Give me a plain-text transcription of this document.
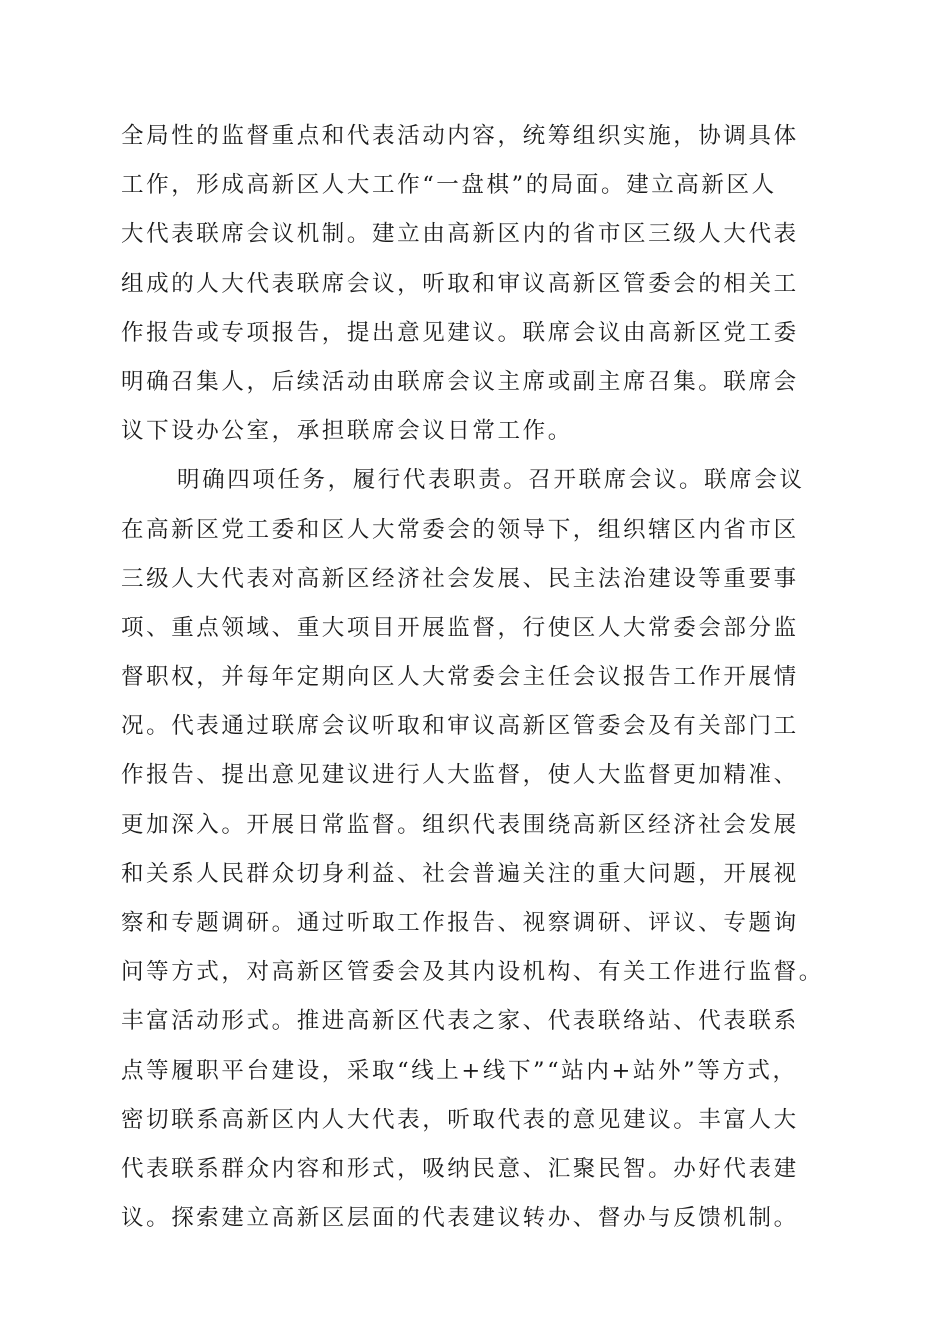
全局性的监督重点和代表活动内容，统筹组织实施，协调具体
工作，形成高新区人大工作“一盘棋”的局面。建立高新区人
大代表联席会议机制。建立由高新区内的省市区三级人大代表
组成的人大代表联席会议，听取和审议高新区管委会的相关工
作报告或专项报告，提出意见建议。联席会议由高新区党工委
明确召集人，后续活动由联席会议主席或副主席召集。联席会
议下设办公室，承担联席会议日常工作。
明确四项任务，履行代表职责。召开联席会议。联席会议
在高新区党工委和区人大常委会的领导下，组织辖区内省市区
三级人大代表对高新区经济社会发展、民主法治建设等重要事
项、重点领域、重大项目开展监督，行使区人大常委会部分监
督职权，并每年定期向区人大常委会主任会议报告工作开展情
况。代表通过联席会议听取和审议高新区管委会及有关部门工
作报告、提出意见建议进行人大监督，使人大监督更加精准、
更加深入。开展日常监督。组织代表围绕高新区经济社会发展
和关系人民群众切身利益、社会普遍关注的重大问题，开展视
察和专题调研。通过听取工作报告、视察调研、评议、专题询
问等方式，对高新区管委会及其内设机构、有关工作进行监督。
丰富活动形式。推进高新区代表之家、代表联络站、代表联系
点等履职平台建设，采取“线上+线下”“站内+站外”等方式，
密切联系高新区内人大代表，听取代表的意见建议。丰富人大
代表联系群众内容和形式，吸纳民意、汇聚民智。办好代表建
议。探索建立高新区层面的代表建议转办、督办与反馈机制。
